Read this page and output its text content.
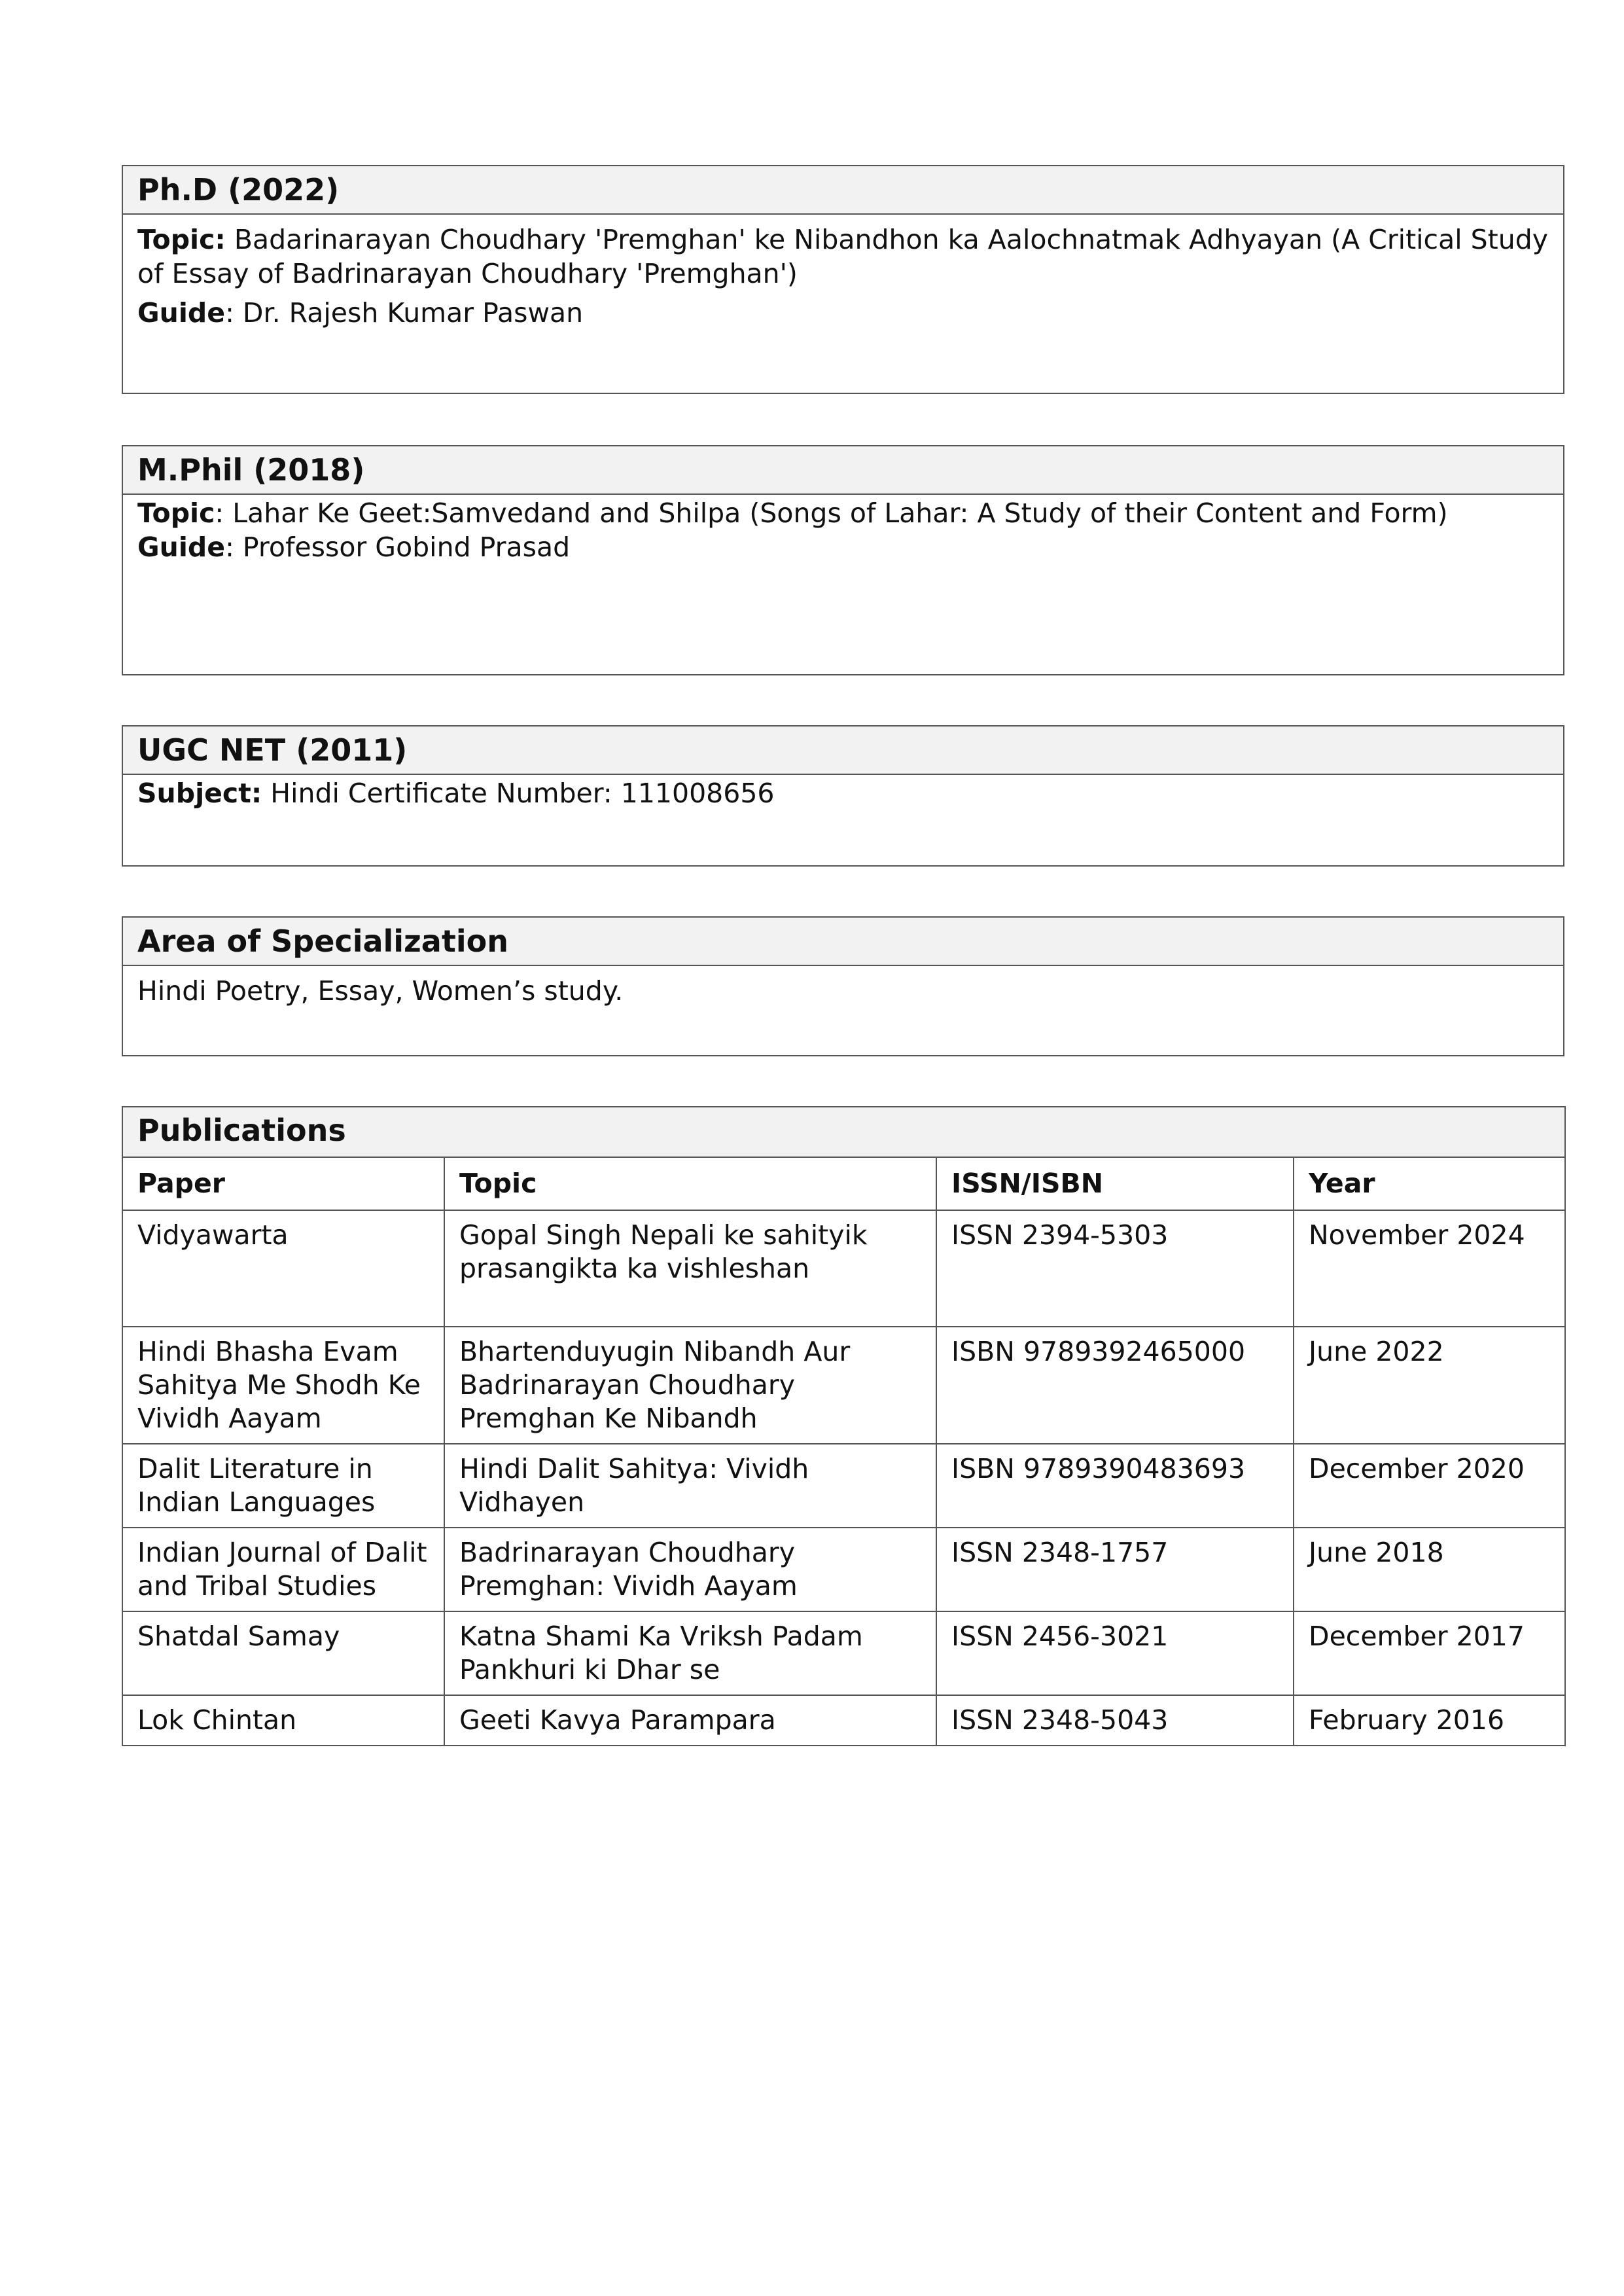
Ph.D (2022)

Topic: Badarinarayan Choudhary 'Premghan' ke Nibandhon ka Aalochnatmak Adhyayan (A Critical Study of Essay of Badrinarayan Choudhary 'Premghan')

Guide: Dr. Rajesh Kumar Paswan

M.Phil (2018)

Topic: Lahar Ke Geet:Samvedand and Shilpa (Songs of Lahar: A Study of their Content and Form)

Guide: Professor Gobind Prasad

UGC NET (2011)

Subject: Hindi Certificate Number: 111008656

Area of Specialization

Hindi Poetry, Essay, Women’s study.

Publications			
Paper	Topic	ISSN/ISBN	Year
Vidyawarta	Gopal Singh Nepali ke sahityik prasangikta ka vishleshan	ISSN 2394-5303	November 2024
Hindi Bhasha Evam Sahitya Me Shodh Ke Vividh Aayam	Bhartenduyugin Nibandh Aur Badrinarayan Choudhary Premghan Ke Nibandh	ISBN 9789392465000	June 2022
Dalit Literature in Indian Languages	Hindi Dalit Sahitya: Vividh Vidhayen	ISBN 9789390483693	December 2020
Indian Journal of Dalit and Tribal Studies	Badrinarayan Choudhary Premghan: Vividh Aayam	ISSN 2348-1757	June 2018
Shatdal Samay	Katna Shami Ka Vriksh Padam Pankhuri ki Dhar se	ISSN 2456-3021	December 2017
Lok Chintan	Geeti Kavya Parampara	ISSN 2348-5043	February 2016
